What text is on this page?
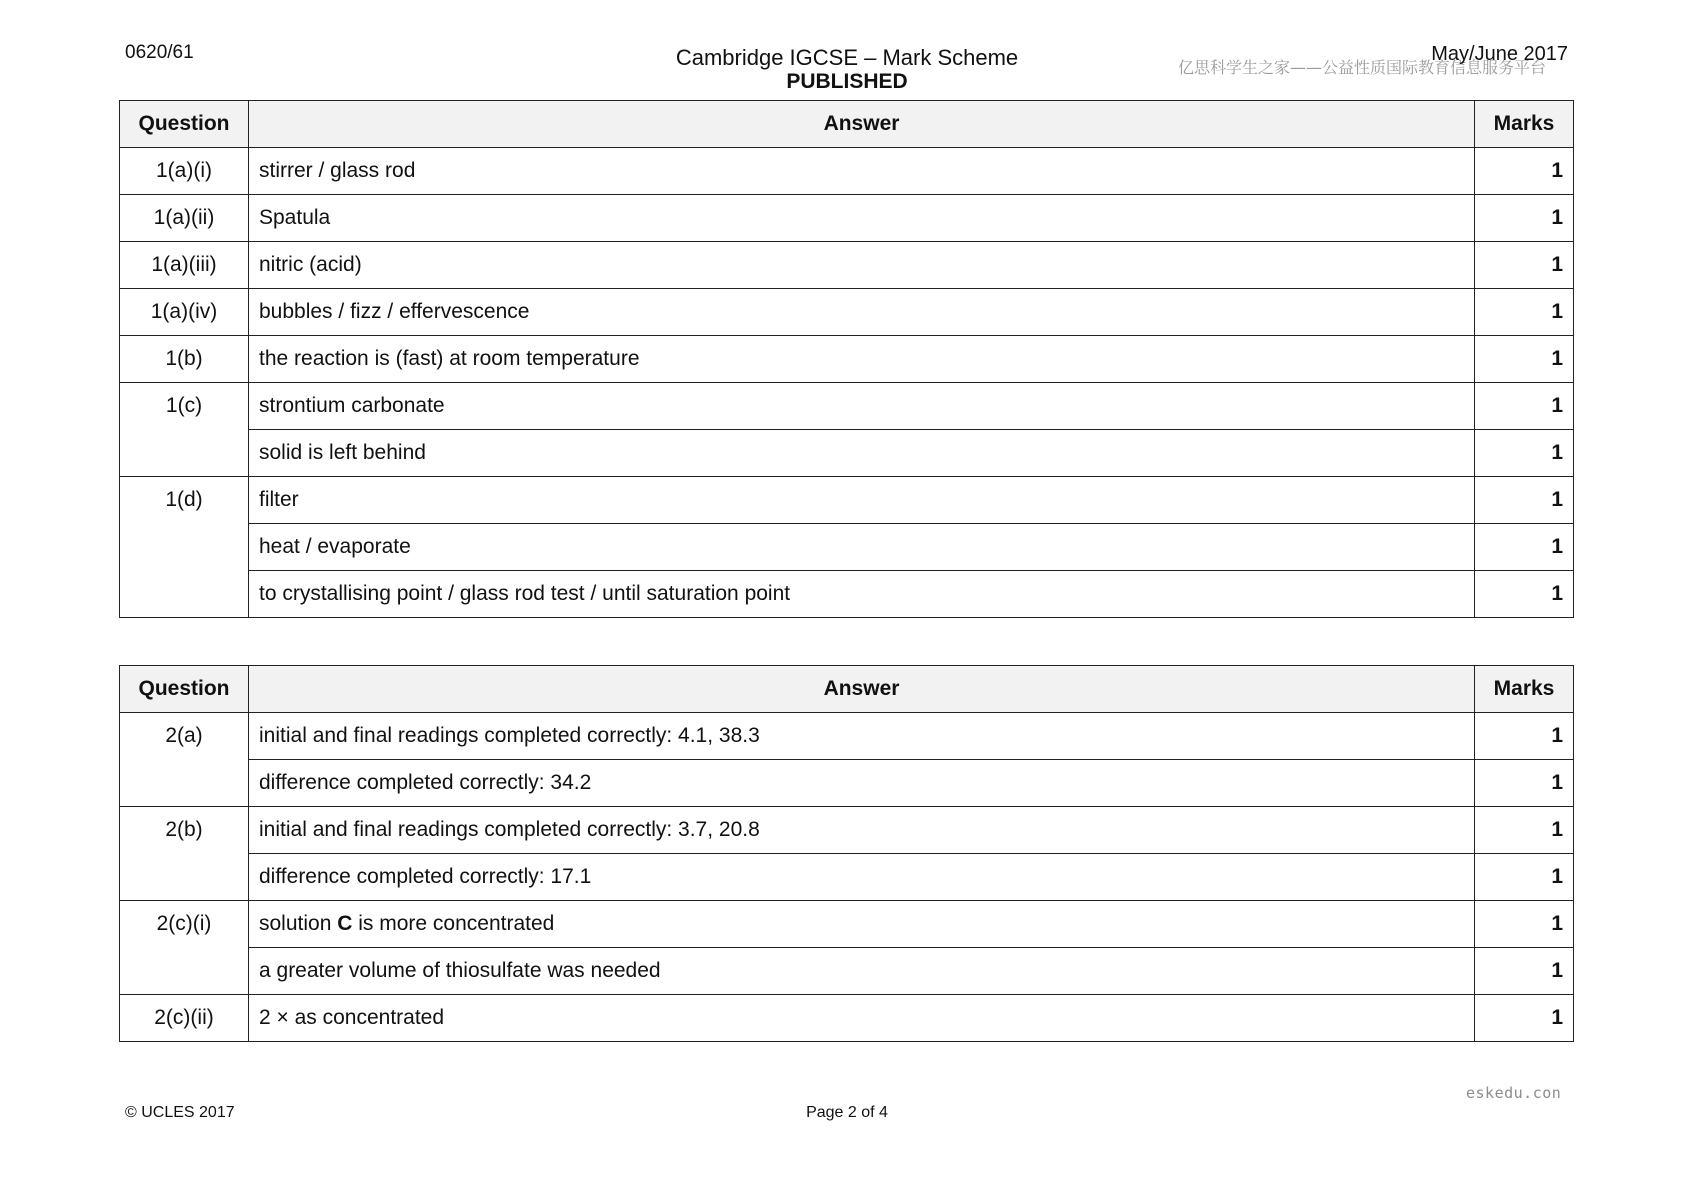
0620/61	Cambridge IGCSE – Mark Scheme
PUBLISHED
亿思科学生之家——公益性质国际教育信息服务平台
May/June 2017
Question	Answer	Marks
1(a)(i)	stirrer / glass rod	1
1(a)(ii)	Spatula	1
1(a)(iii)	nitric (acid)	1
1(a)(iv)	bubbles / fizz / effervescence	1
1(b)	the reaction is (fast) at room temperature	1
1(c)	strontium carbonate	1
	solid is left behind	1
1(d)	filter	1
	heat / evaporate	1
	to crystallising point / glass rod test / until saturation point	1
Question	Answer	Marks
2(a)	initial and final readings completed correctly: 4.1, 38.3	1
	difference completed correctly: 34.2	1
2(b)	initial and final readings completed correctly: 3.7, 20.8	1
	difference completed correctly: 17.1	1
2(c)(i)	solution C is more concentrated	1
	a greater volume of thiosulfate was needed	1
2(c)(ii)	2 × as concentrated	1
eskedu.con
© UCLES 2017	Page 2 of 4
